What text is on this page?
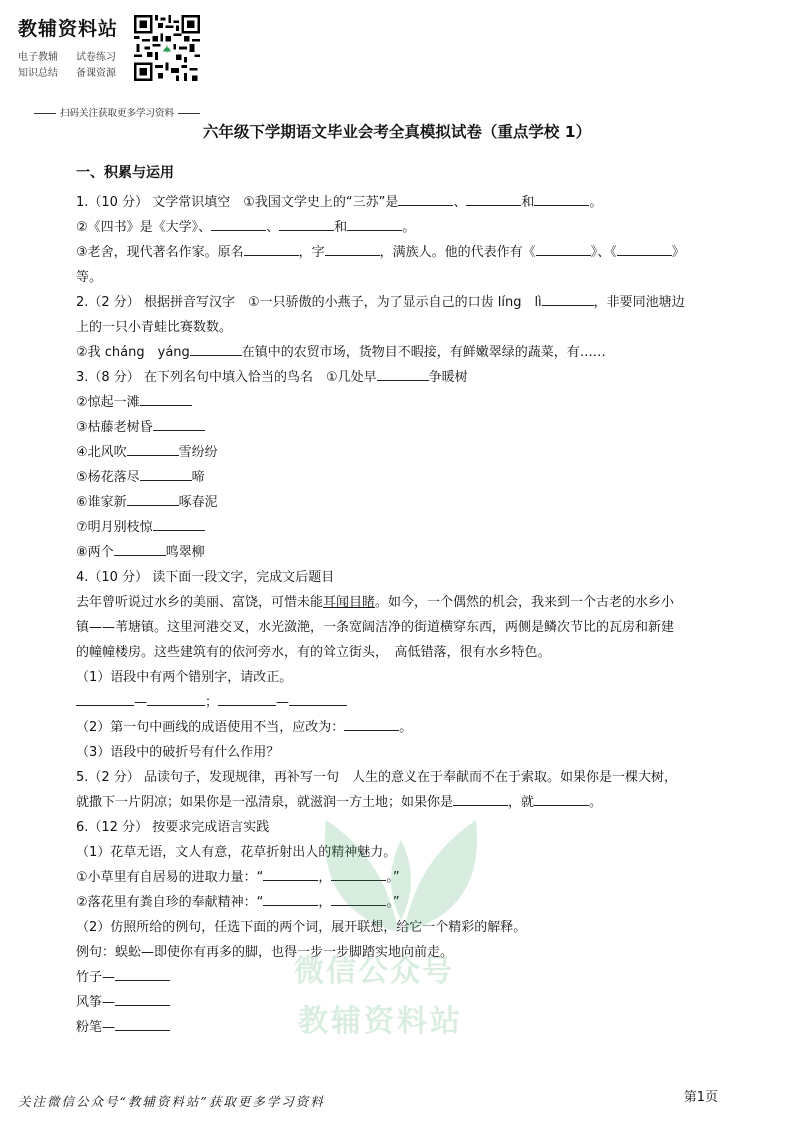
教辅资料站
电子教辅 试卷练习
知识总结 备课资源
扫码关注获取更多学习资料
六年级下学期语文毕业会考全真模拟试卷（重点学校 1）
一、积累与运用
1.（10 分） 文学常识填空　①我国文学史上的“三苏”是	、	和	。
②《四书》是《大学》、	、	和	。
③老舍，现代著名作家。原名	，字	，满族人。他的代表作有《	》、《	》
等。
2.（2 分） 根据拼音写汉字　①一只骄傲的小燕子，为了显示自己的口齿 líng　lì	，非要同池塘边
上的一只小青蛙比赛数数。
②我 cháng　yáng	在镇中的农贸市场，货物目不暇接，有鲜嫩翠绿的蔬菜，有……
3.（8 分） 在下列名句中填入恰当的鸟名　①几处早	争暖树
②惊起一滩
③枯藤老树昏
④北风吹	雪纷纷
⑤杨花落尽	啼
⑥谁家新	啄春泥
⑦明月别枝惊
⑧两个	鸣翠柳
4.（10 分） 读下面一段文字，完成文后题目
去年曾听说过水乡的美丽、富饶，可惜未能耳闻目睹。如今，一个偶然的机会，我来到一个古老的水乡小
镇——苇塘镇。这里河港交叉，水光潋滟，一条宽阔洁净的街道横穿东西，两侧是鳞次节比的瓦房和新建
的幢幢楼房。这些建筑有的依河旁水，有的耸立街头，　高低错落，很有水乡特色。
（1）语段中有两个错别字，请改正。
—	；	—
（2）第一句中画线的成语使用不当，应改为：	。
（3）语段中的破折号有什么作用？
5.（2 分） 品读句子，发现规律，再补写一句　人生的意义在于奉献而不在于索取。如果你是一棵大树，
就撒下一片阴凉；如果你是一泓清泉，就滋润一方土地；如果你是	，就	。
6.（12 分） 按要求完成语言实践
（1）花草无语，文人有意，花草折射出人的精神魅力。
①小草里有自居易的进取力量：“	，	。”
②落花里有粪自珍的奉献精神：“	，	。”
（2）仿照所给的例句，任选下面的两个词，展开联想，给它一个精彩的解释。
例句：蜈蚣—即使你有再多的脚，也得一步一步脚踏实地向前走。
竹子—
风筝—
粉笔—
微信公众号
教辅资料站
关注微信公众号“教辅资料站”获取更多学习资料	第1页
